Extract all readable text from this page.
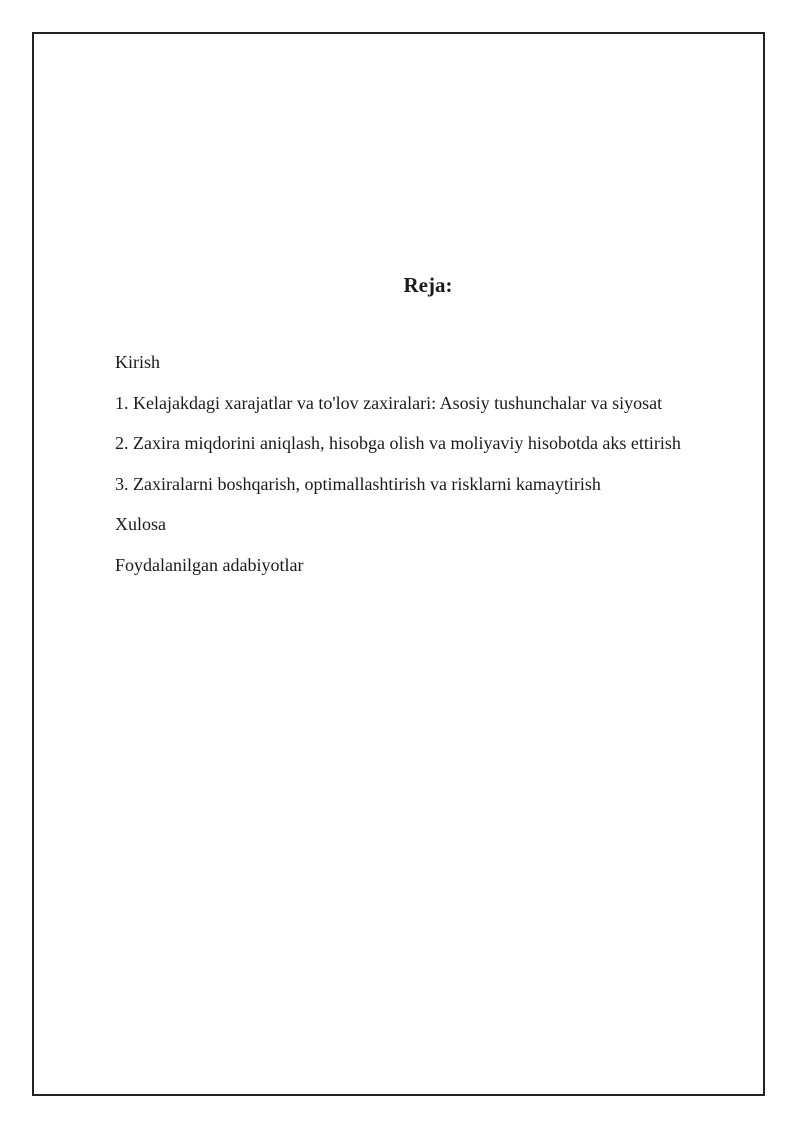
Reja:
Kirish
1. Kelajakdagi xarajatlar va to'lov zaxiralari: Asosiy tushunchalar va siyosat
2. Zaxira miqdorini aniqlash, hisobga olish va moliyaviy hisobotda aks ettirish
3. Zaxiralarni boshqarish, optimallashtirish va risklarni kamaytirish
Xulosa
Foydalanilgan adabiyotlar
